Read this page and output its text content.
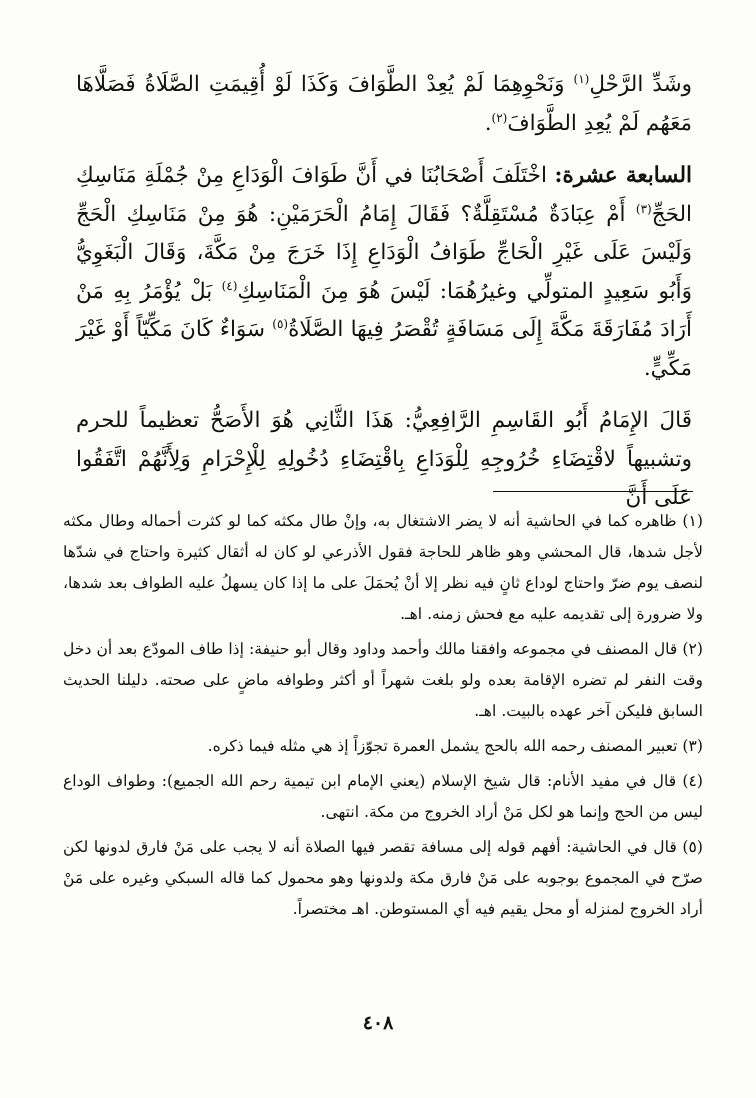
وشَدِّ الرَّحْلِ$^{(١)}$ وَنَحْوِهِمَا لَمْ يُعِدْ الطَّوَافَ وَكَذَا لَوْ أُقِيمَتِ الصَّلَاةُ فَصَلَّاهَا مَعَهُم لَمْ يُعِدِ الطَّوَافَ$^{(٢)}$.

السابعة عشرة: اخْتَلَفَ أَصْحَابُنَا في أَنَّ طَوَافَ الْوَدَاعِ مِنْ جُمْلَةِ مَنَاسِكِ الحَجِّ$^{(٣)}$ أَمْ عِبَادَةٌ مُسْتَقِلَّةٌ؟ فَقَالَ إِمَامُ الْحَرَمَيْنِ: هُوَ مِنْ مَنَاسِكِ الْحَجِّ وَلَيْسَ عَلَى غَيْرِ الْحَاجِّ طَوَافُ الْوَدَاعِ إِذَا خَرَجَ مِنْ مَكَّةَ، وَقَالَ الْبَغَوِيُّ وَأَبُو سَعِيدٍ المتولِّي وغيرُهُمَا: لَيْسَ هُوَ مِنَ الْمَنَاسِكِ$^{(٤)}$ بَلْ يُؤْمَرُ بِهِ مَنْ أَرَادَ مُفَارَقَةَ مَكَّةَ إِلَى مَسَافَةٍ تُقْصَرُ فِيهَا الصَّلَاةُ$^{(٥)}$ سَوَاءٌ كَانَ مَكِّيّاً أَوْ غَيْرَ مَكِّيٍّ.

قَالَ الإِمَامُ أَبُو القَاسِمِ الرَّافِعِيُّ: هَذَا الثَّانِي هُوَ الأَصَحُّ تعظيماً للحرم وتشبيهاً لاقْتِضَاءِ خُرُوجِهِ لِلْوَدَاعِ بِاقْتِضَاءِ دُخُولِهِ لِلْإِحْرَامِ وَلِأَنَّهُمْ اتَّفَقُوا عَلَى أَنَّ

(١) ظاهره كما في الحاشية أنه لا يضر الاشتغال به، وإنْ طال مكثه كما لو كثرت أحماله وطال مكثه لأجل شدها، قال المحشي وهو ظاهر للحاجة فقول الأذرعي لو كان له أثقال كثيرة واحتاج في شدّها لنصف يوم ضرّ واحتاج لوداع ثانٍ فيه نظر إلا أنْ يُحمَلَ على ما إذا كان يسهلُ عليه الطواف بعد شدها، ولا ضرورة إلى تقديمه عليه مع فحش زمنه. اهـ.

(٢) قال المصنف في مجموعه وافقنا مالك وأحمد وداود وقال أبو حنيفة: إذا طاف المودّع بعد أن دخل وقت النفر لم تضره الإقامة بعده ولو بلغت شهراً أو أكثر وطوافه ماضٍ على صحته. دليلنا الحديث السابق فليكن آخر عهده بالبيت. اهـ.

(٣) تعبير المصنف رحمه الله بالحج يشمل العمرة تجوّزاً إذ هي مثله فيما ذكره.

(٤) قال في مفيد الأنام: قال شيخ الإسلام (يعني الإمام ابن تيمية رحم الله الجميع): وطواف الوداع ليس من الحج وإنما هو لكل مَنْ أراد الخروج من مكة. انتهى.

(٥) قال في الحاشية: أفهم قوله إلى مسافة تقصر فيها الصلاة أنه لا يجب على مَنْ فارق لدونها لكن صرّح في المجموع بوجوبه على مَنْ فارق مكة ولدونها وهو محمول كما قاله السبكي وغيره على مَنْ أراد الخروج لمنزله أو محل يقيم فيه أي المستوطن. اهـ مختصراً.

٤٠٨
